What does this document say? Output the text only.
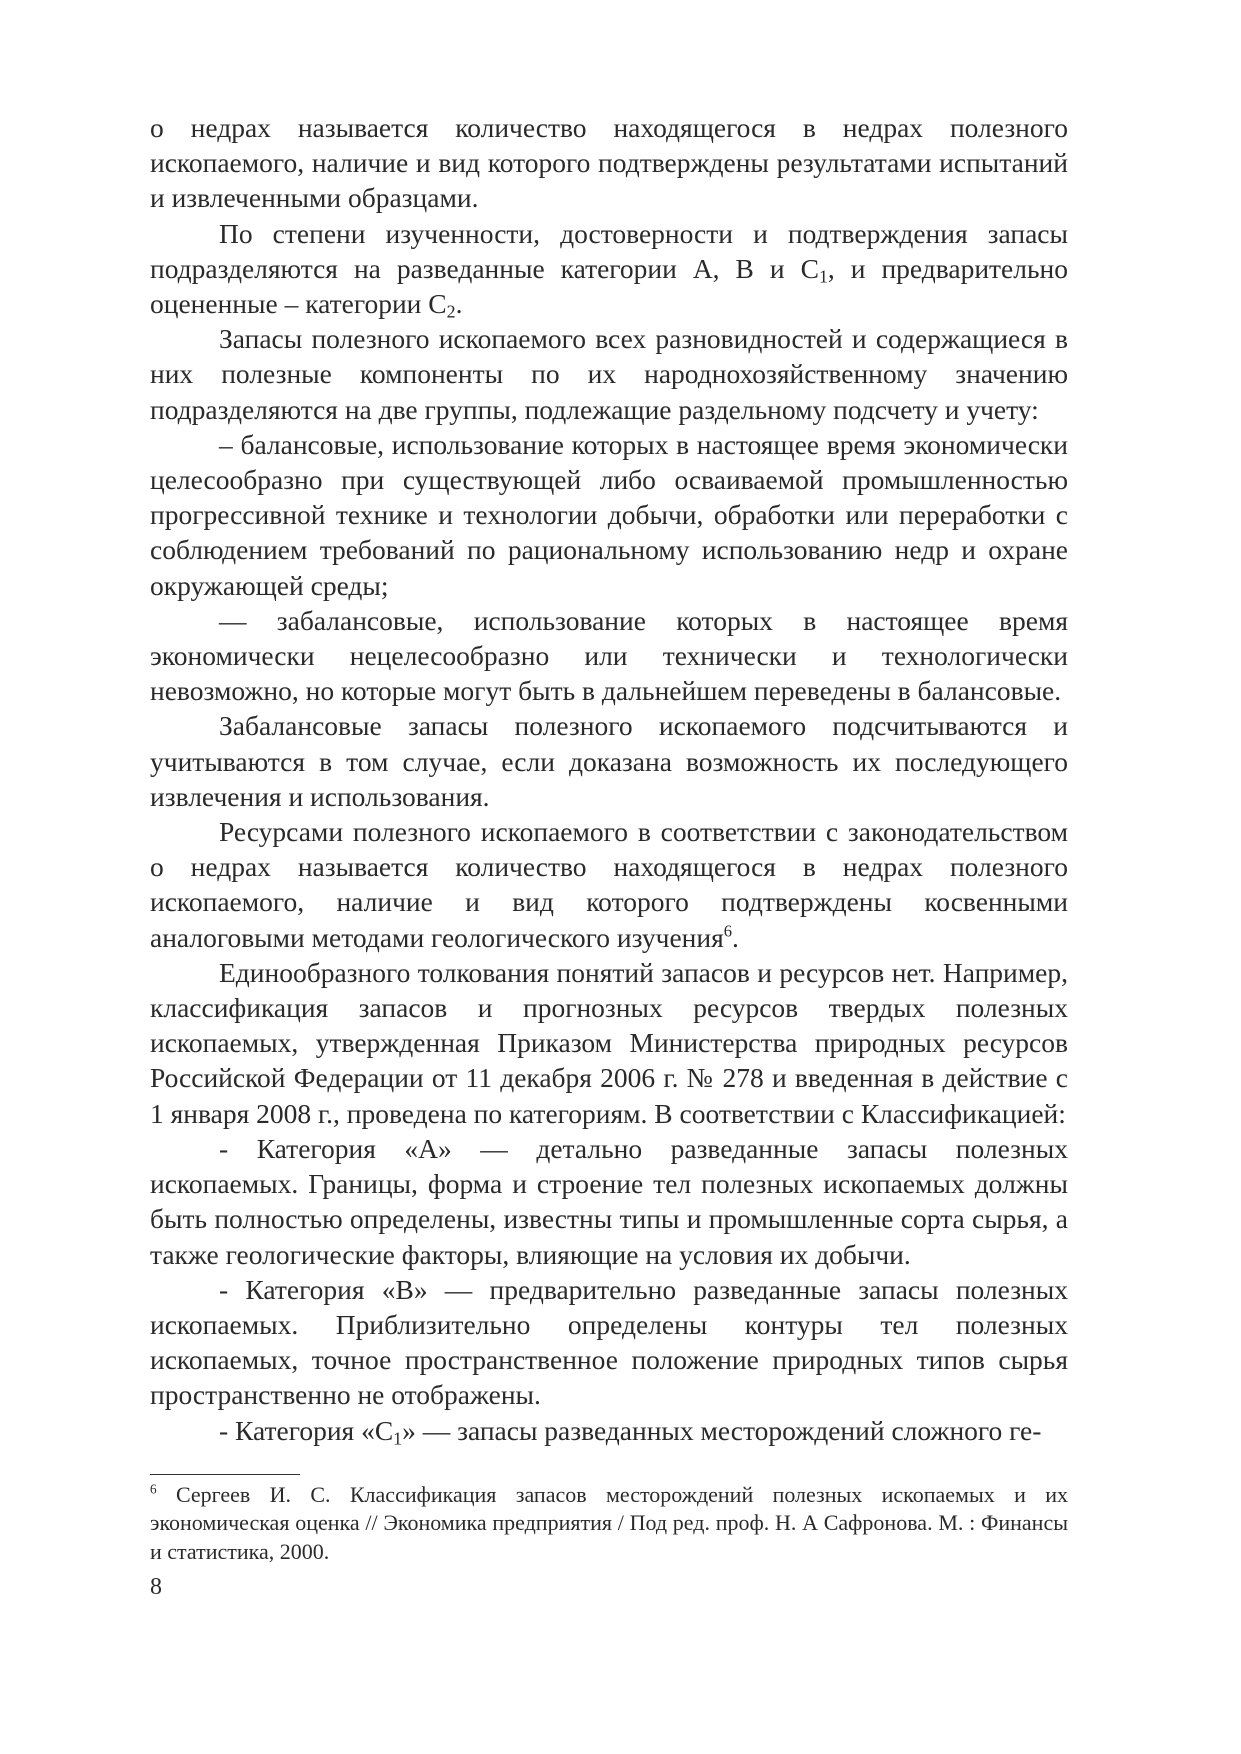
о недрах называется количество находящегося в недрах полезного ископаемого, наличие и вид которого подтверждены результатами испытаний и извлеченными образцами.

По степени изученности, достоверности и подтверждения запасы подразделяются на разведанные категории А, В и $С_1$, и предварительно оцененные – категории $С_2$.

Запасы полезного ископаемого всех разновидностей и содержащиеся в них полезные компоненты по их народнохозяйственному значению подразделяются на две группы, подлежащие раздельному подсчету и учету:

– балансовые, использование которых в настоящее время экономически целесообразно при существующей либо осваиваемой промышленностью прогрессивной технике и технологии добычи, обработки или переработки с соблюдением требований по рациональному использованию недр и охране окружающей среды;

— забалансовые, использование которых в настоящее время экономически нецелесообразно или технически и технологически невозможно, но которые могут быть в дальнейшем переведены в балансовые.

Забалансовые запасы полезного ископаемого подсчитываются и учитываются в том случае, если доказана возможность их последующего извлечения и использования.

Ресурсами полезного ископаемого в соответствии с законодательством о недрах называется количество находящегося в недрах полезного ископаемого, наличие и вид которого подтверждены косвенными аналоговыми методами геологического изучения$^6$.

Единообразного толкования понятий запасов и ресурсов нет. Например, классификация запасов и прогнозных ресурсов твердых полезных ископаемых, утвержденная Приказом Министерства природных ресурсов Российской Федерации от 11 декабря 2006 г. № 278 и введенная в действие с 1 января 2008 г., проведена по категориям. В соответствии с Классификацией:

- Категория «А» — детально разведанные запасы полезных ископаемых. Границы, форма и строение тел полезных ископаемых должны быть полностью определены, известны типы и промышленные сорта сырья, а также геологические факторы, влияющие на условия их добычи.

- Категория «В» — предварительно разведанные запасы полезных ископаемых. Приблизительно определены контуры тел полезных ископаемых, точное пространственное положение природных типов сырья пространственно не отображены.

- Категория «$С_1$» — запасы разведанных месторождений сложного ге-

$^6$ Сергеев И. С. Классификация запасов месторождений полезных ископаемых и их экономическая оценка // Экономика предприятия / Под ред. проф. Н. А Сафронова. М. : Финансы и статистика, 2000.

8
